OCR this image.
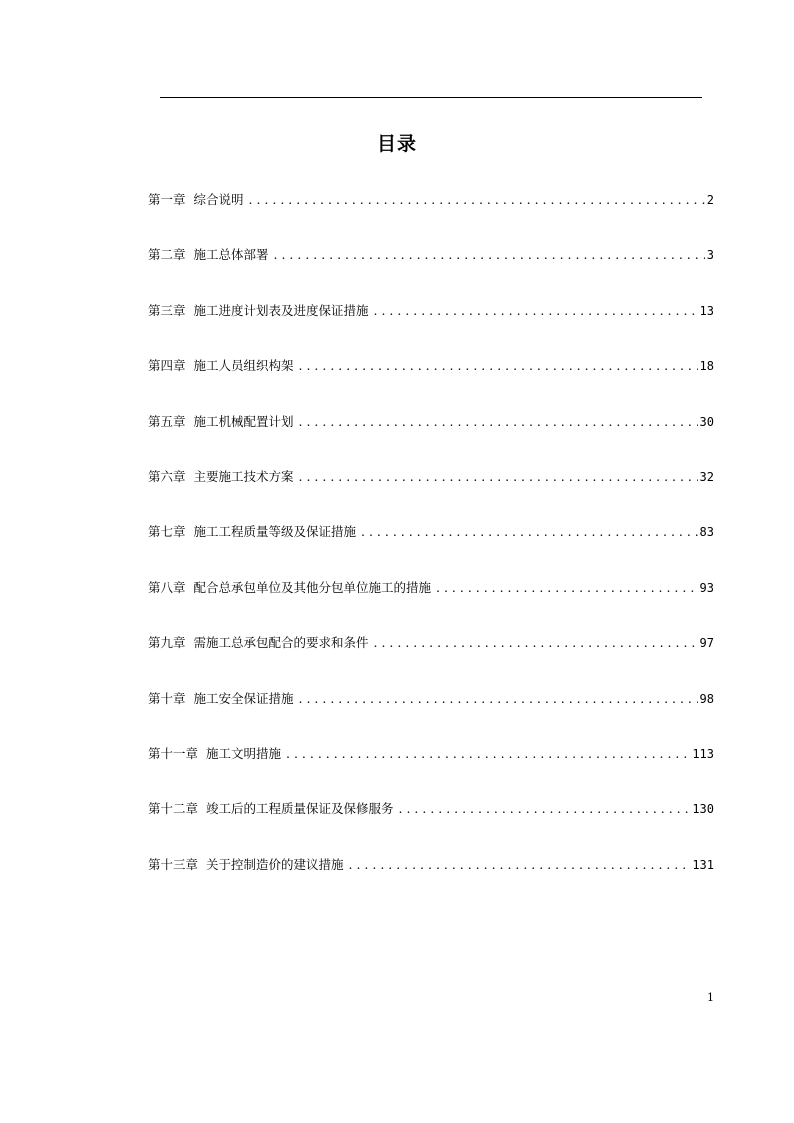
目录
第一章 综合说明 . . .	2
第二章 施工总体部署 . . .	3
第三章 施工进度计划表及进度保证措施 . . .	13
第四章 施工人员组织构架 . . .	18
第五章 施工机械配置计划 . . .	30
第六章 主要施工技术方案 . . .	32
第七章 施工工程质量等级及保证措施 . . .	83
第八章 配合总承包单位及其他分包单位施工的措施 . . .	93
第九章 需施工总承包配合的要求和条件 . . .	97
第十章 施工安全保证措施 . . .	98
第十一章 施工文明措施 . . .	113
第十二章 竣工后的工程质量保证及保修服务 . . .	130
第十三章 关于控制造价的建议措施 . . .	131
1
